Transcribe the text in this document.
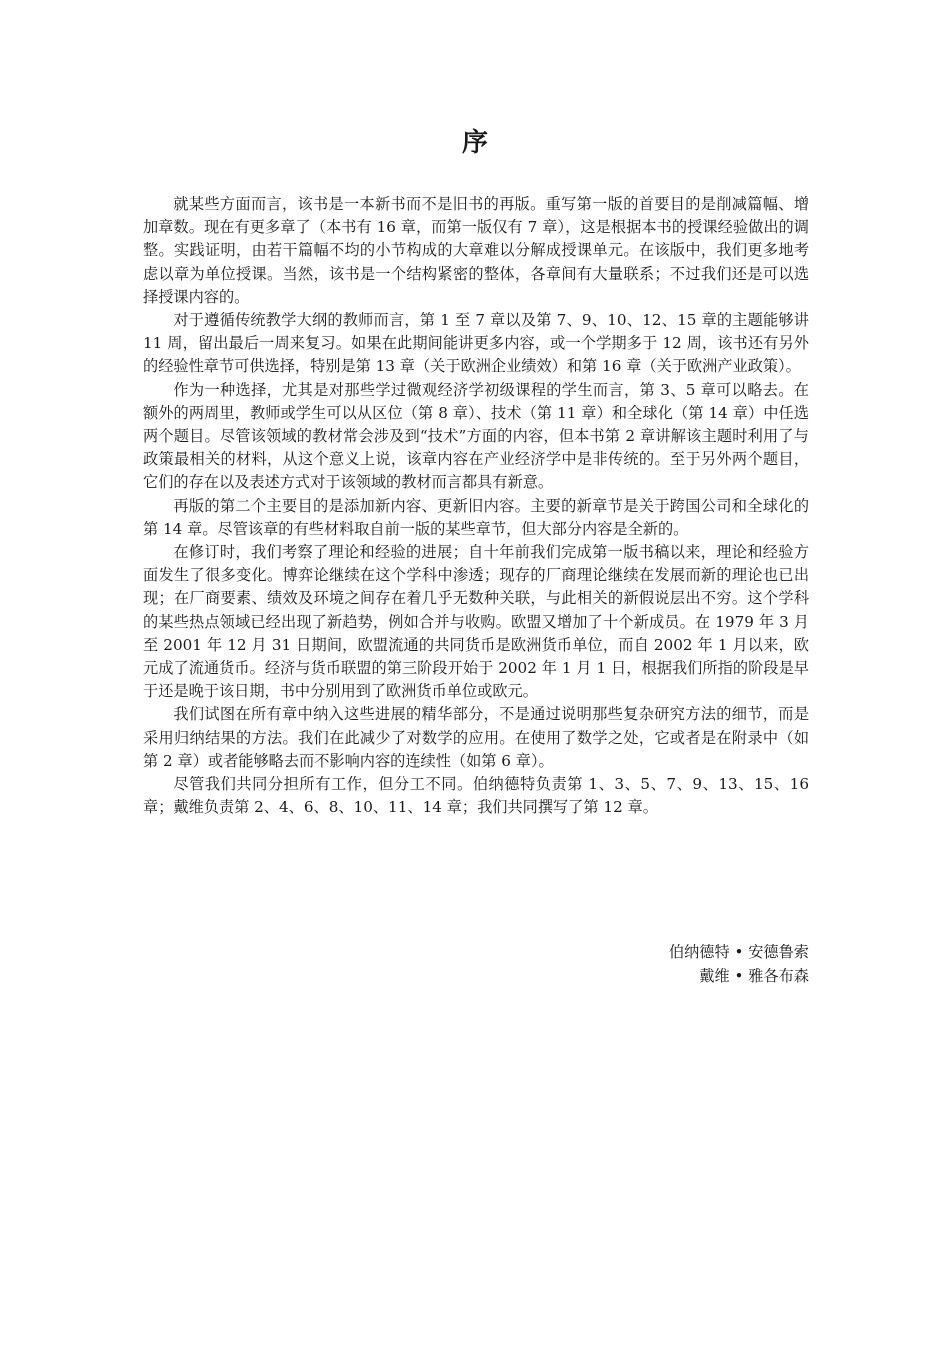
序

就某些方面而言，该书是一本新书而不是旧书的再版。重写第一版的首要目的是削减篇幅、增加章数。现在有更多章了（本书有 16 章，而第一版仅有 7 章），这是根据本书的授课经验做出的调整。实践证明，由若干篇幅不均的小节构成的大章难以分解成授课单元。在该版中，我们更多地考虑以章为单位授课。当然，该书是一个结构紧密的整体，各章间有大量联系；不过我们还是可以选择授课内容的。

对于遵循传统教学大纲的教师而言，第 1 至 7 章以及第 7、9、10、12、15 章的主题能够讲 11 周，留出最后一周来复习。如果在此期间能讲更多内容，或一个学期多于 12 周，该书还有另外的经验性章节可供选择，特别是第 13 章（关于欧洲企业绩效）和第 16 章（关于欧洲产业政策）。

作为一种选择，尤其是对那些学过微观经济学初级课程的学生而言，第 3、5 章可以略去。在额外的两周里，教师或学生可以从区位（第 8 章）、技术（第 11 章）和全球化（第 14 章）中任选两个题目。尽管该领域的教材常会涉及到“技术”方面的内容，但本书第 2 章讲解该主题时利用了与政策最相关的材料，从这个意义上说，该章内容在产业经济学中是非传统的。至于另外两个题目，它们的存在以及表述方式对于该领域的教材而言都具有新意。

再版的第二个主要目的是添加新内容、更新旧内容。主要的新章节是关于跨国公司和全球化的第 14 章。尽管该章的有些材料取自前一版的某些章节，但大部分内容是全新的。

在修订时，我们考察了理论和经验的进展；自十年前我们完成第一版书稿以来，理论和经验方面发生了很多变化。博弈论继续在这个学科中渗透；现存的厂商理论继续在发展而新的理论也已出现；在厂商要素、绩效及环境之间存在着几乎无数种关联，与此相关的新假说层出不穷。这个学科的某些热点领域已经出现了新趋势，例如合并与收购。欧盟又增加了十个新成员。在 1979 年 3 月至 2001 年 12 月 31 日期间，欧盟流通的共同货币是欧洲货币单位，而自 2002 年 1 月以来，欧元成了流通货币。经济与货币联盟的第三阶段开始于 2002 年 1 月 1 日，根据我们所指的阶段是早于还是晚于该日期，书中分别用到了欧洲货币单位或欧元。

我们试图在所有章中纳入这些进展的精华部分，不是通过说明那些复杂研究方法的细节，而是采用归纳结果的方法。我们在此减少了对数学的应用。在使用了数学之处，它或者是在附录中（如第 2 章）或者能够略去而不影响内容的连续性（如第 6 章）。

尽管我们共同分担所有工作，但分工不同。伯纳德特负责第 1、3、5、7、9、13、15、16 章；戴维负责第 2、4、6、8、10、11、14 章；我们共同撰写了第 12 章。

伯纳德特 • 安德鲁索
戴维 • 雅各布森
